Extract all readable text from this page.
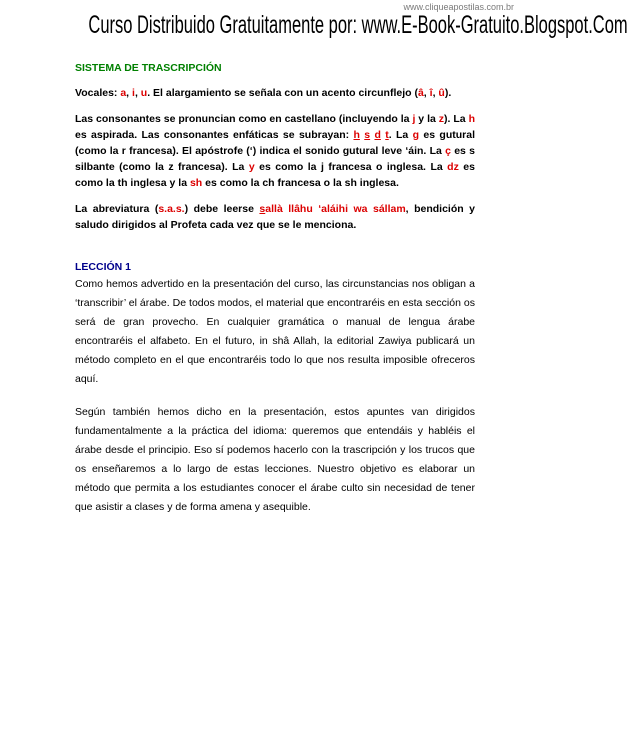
www.cliqueapostilas.com.br
Curso Distribuido Gratuitamente por: www.E-Book-Gratuito.Blogspot.Com
SISTEMA DE TRASCRIPCIÓN

Vocales: a, i, u. El alargamiento se señala con un acento circunflejo (â, î, û).

Las consonantes se pronuncian como en castellano (incluyendo la j y la z). La h es aspirada. Las consonantes enfáticas se subrayan: h s d t. La g es gutural (como la r francesa). El apóstrofe (‘) indica el sonido gutural leve ‘áin. La ç es s silbante (como la z francesa). La y es como la j francesa o inglesa. La dz es como la th inglesa y la sh es como la ch francesa o la sh inglesa.

La abreviatura (s.a.s.) debe leerse sallà llâhu ‘aláihi wa sállam, bendición y saludo dirigidos al Profeta cada vez que se le menciona.

LECCIÓN 1

Como hemos advertido en la presentación del curso, las circunstancias nos obligan a ‘transcribir’ el árabe. De todos modos, el material que encontraréis en esta sección os será de gran provecho. En cualquier gramática o manual de lengua árabe encontraréis el alfabeto. En el futuro, in shâ Allah, la editorial Zawiya publicará un método completo en el que encontraréis todo lo que nos resulta imposible ofreceros aquí.

Según también hemos dicho en la presentación, estos apuntes van dirigidos fundamentalmente a la práctica del idioma: queremos que entendáis y habléis el árabe desde el principio. Eso sí podemos hacerlo con la trascripción y los trucos que os enseñaremos a lo largo de estas lecciones. Nuestro objetivo es elaborar un método que permita a los estudiantes conocer el árabe culto sin necesidad de tener que asistir a clases y de forma amena y asequible.
